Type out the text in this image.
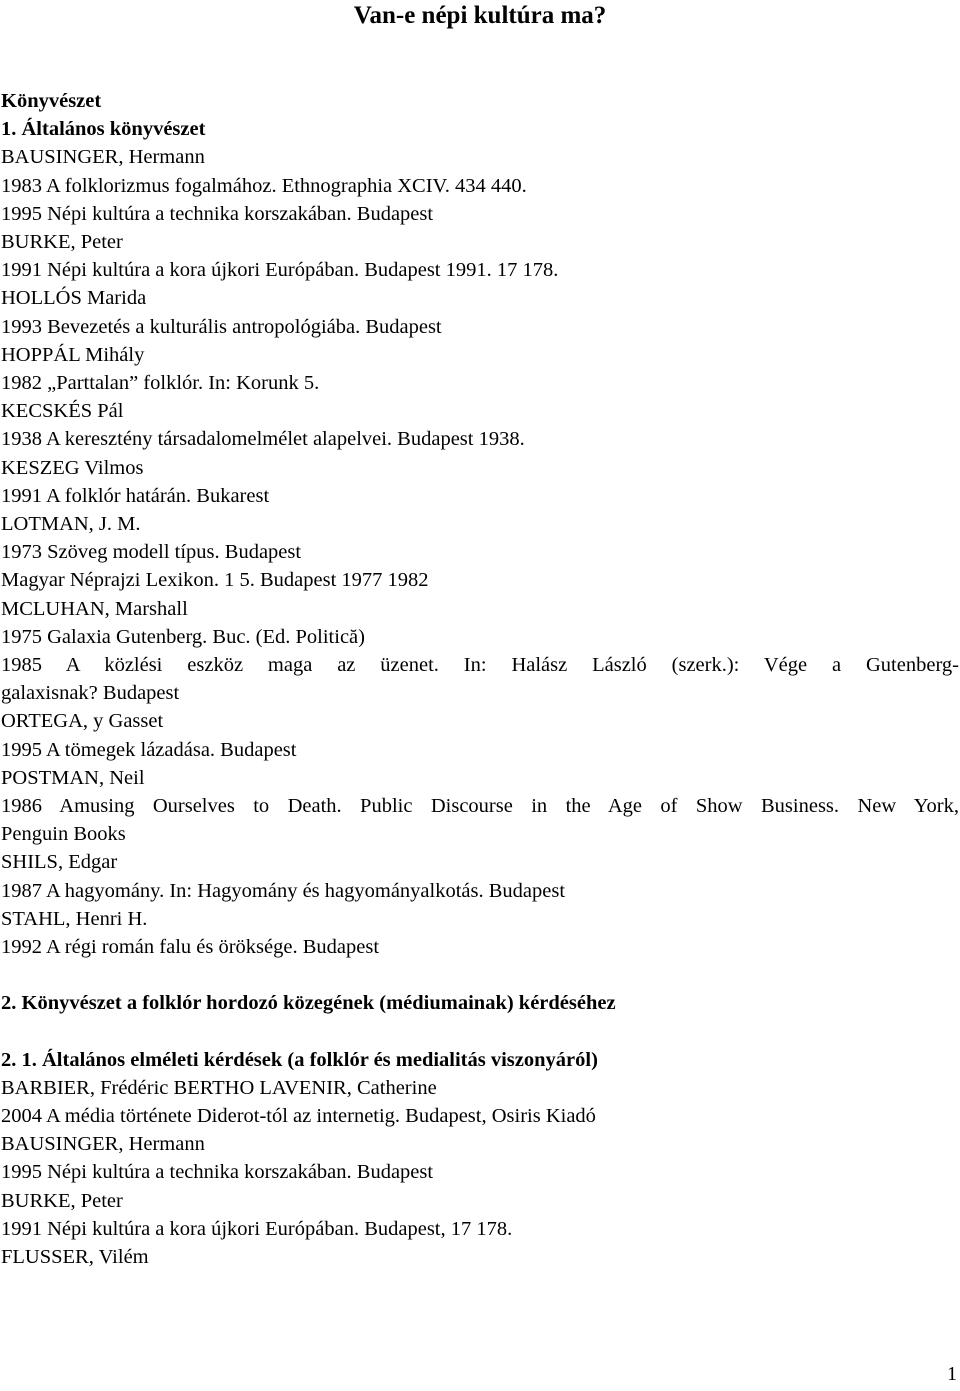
Van-e népi kultúra ma?
Könyvészet
1. Általános könyvészet
BAUSINGER, Hermann
1983 A folklorizmus fogalmához. Ethnographia XCIV. 434 440.
1995 Népi kultúra a technika korszakában. Budapest
BURKE, Peter
1991 Népi kultúra a kora újkori Európában. Budapest 1991. 17 178.
HOLLÓS Marida
1993 Bevezetés a kulturális antropológiába. Budapest
HOPPÁL Mihály
1982 „Parttalan” folklór. In: Korunk 5.
KECSKÉS Pál
1938 A keresztény társadalomelmélet alapelvei. Budapest 1938.
KESZEG Vilmos
1991 A folklór határán. Bukarest
LOTMAN, J. M.
1973 Szöveg modell típus. Budapest
Magyar Néprajzi Lexikon. 1 5. Budapest 1977 1982
MCLUHAN, Marshall
1975 Galaxia Gutenberg. Buc. (Ed. Politică)
1985 A közlési eszköz maga az üzenet. In: Halász László (szerk.): Vége a Gutenberg-
galaxisnak? Budapest
ORTEGA, y Gasset
1995 A tömegek lázadása. Budapest
POSTMAN, Neil
1986 Amusing Ourselves to Death. Public Discourse in the Age of Show Business. New York,
Penguin Books
SHILS, Edgar
1987 A hagyomány. In: Hagyomány és hagyományalkotás. Budapest
STAHL, Henri H.
1992 A régi román falu és öröksége. Budapest
2. Könyvészet a folklór hordozó közegének (médiumainak) kérdéséhez
2. 1. Általános elméleti kérdések (a folklór és medialitás viszonyáról)
BARBIER, Frédéric BERTHO LAVENIR, Catherine
2004 A média története Diderot-tól az internetig. Budapest, Osiris Kiadó
BAUSINGER, Hermann
1995 Népi kultúra a technika korszakában. Budapest
BURKE, Peter
1991 Népi kultúra a kora újkori Európában. Budapest, 17 178.
FLUSSER, Vilém
1
